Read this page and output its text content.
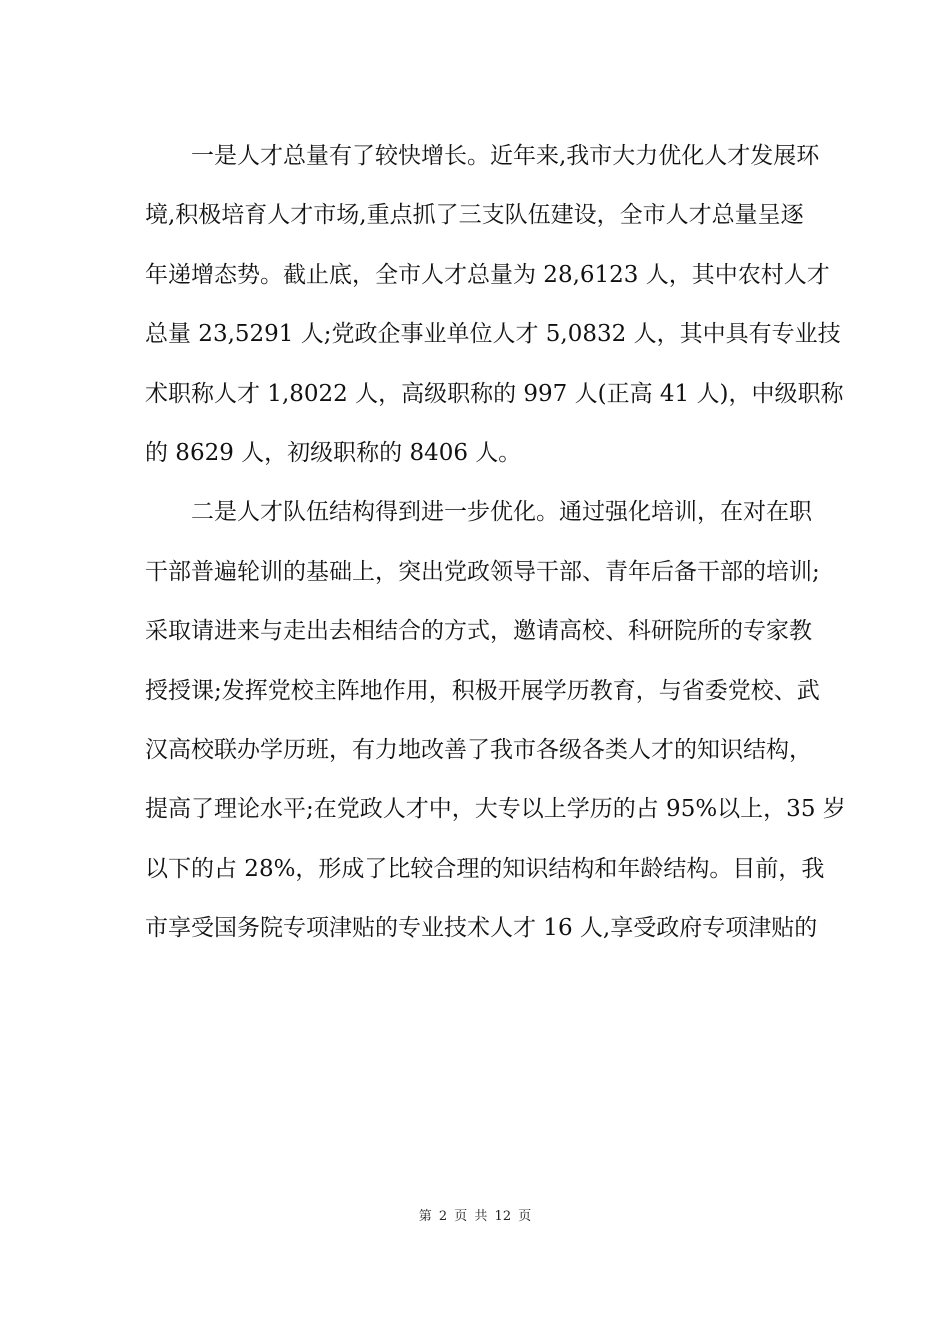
一是人才总量有了较快增长。近年来,我市大力优化人才发展环
境,积极培育人才市场,重点抓了三支队伍建设，全市人才总量呈逐
年递增态势。截止底，全市人才总量为 28,6123 人，其中农村人才
总量 23,5291 人;党政企事业单位人才 5,0832 人，其中具有专业技
术职称人才 1,8022 人，高级职称的 997 人(正高 41 人)，中级职称
的 8629 人，初级职称的 8406 人。
二是人才队伍结构得到进一步优化。通过强化培训，在对在职
干部普遍轮训的基础上，突出党政领导干部、青年后备干部的培训;
采取请进来与走出去相结合的方式，邀请高校、科研院所的专家教
授授课;发挥党校主阵地作用，积极开展学历教育，与省委党校、武
汉高校联办学历班，有力地改善了我市各级各类人才的知识结构，
提高了理论水平;在党政人才中，大专以上学历的占 95%以上，35 岁
以下的占 28%，形成了比较合理的知识结构和年龄结构。目前，我
市享受国务院专项津贴的专业技术人才 16 人,享受政府专项津贴的
第 2 页 共 12 页
